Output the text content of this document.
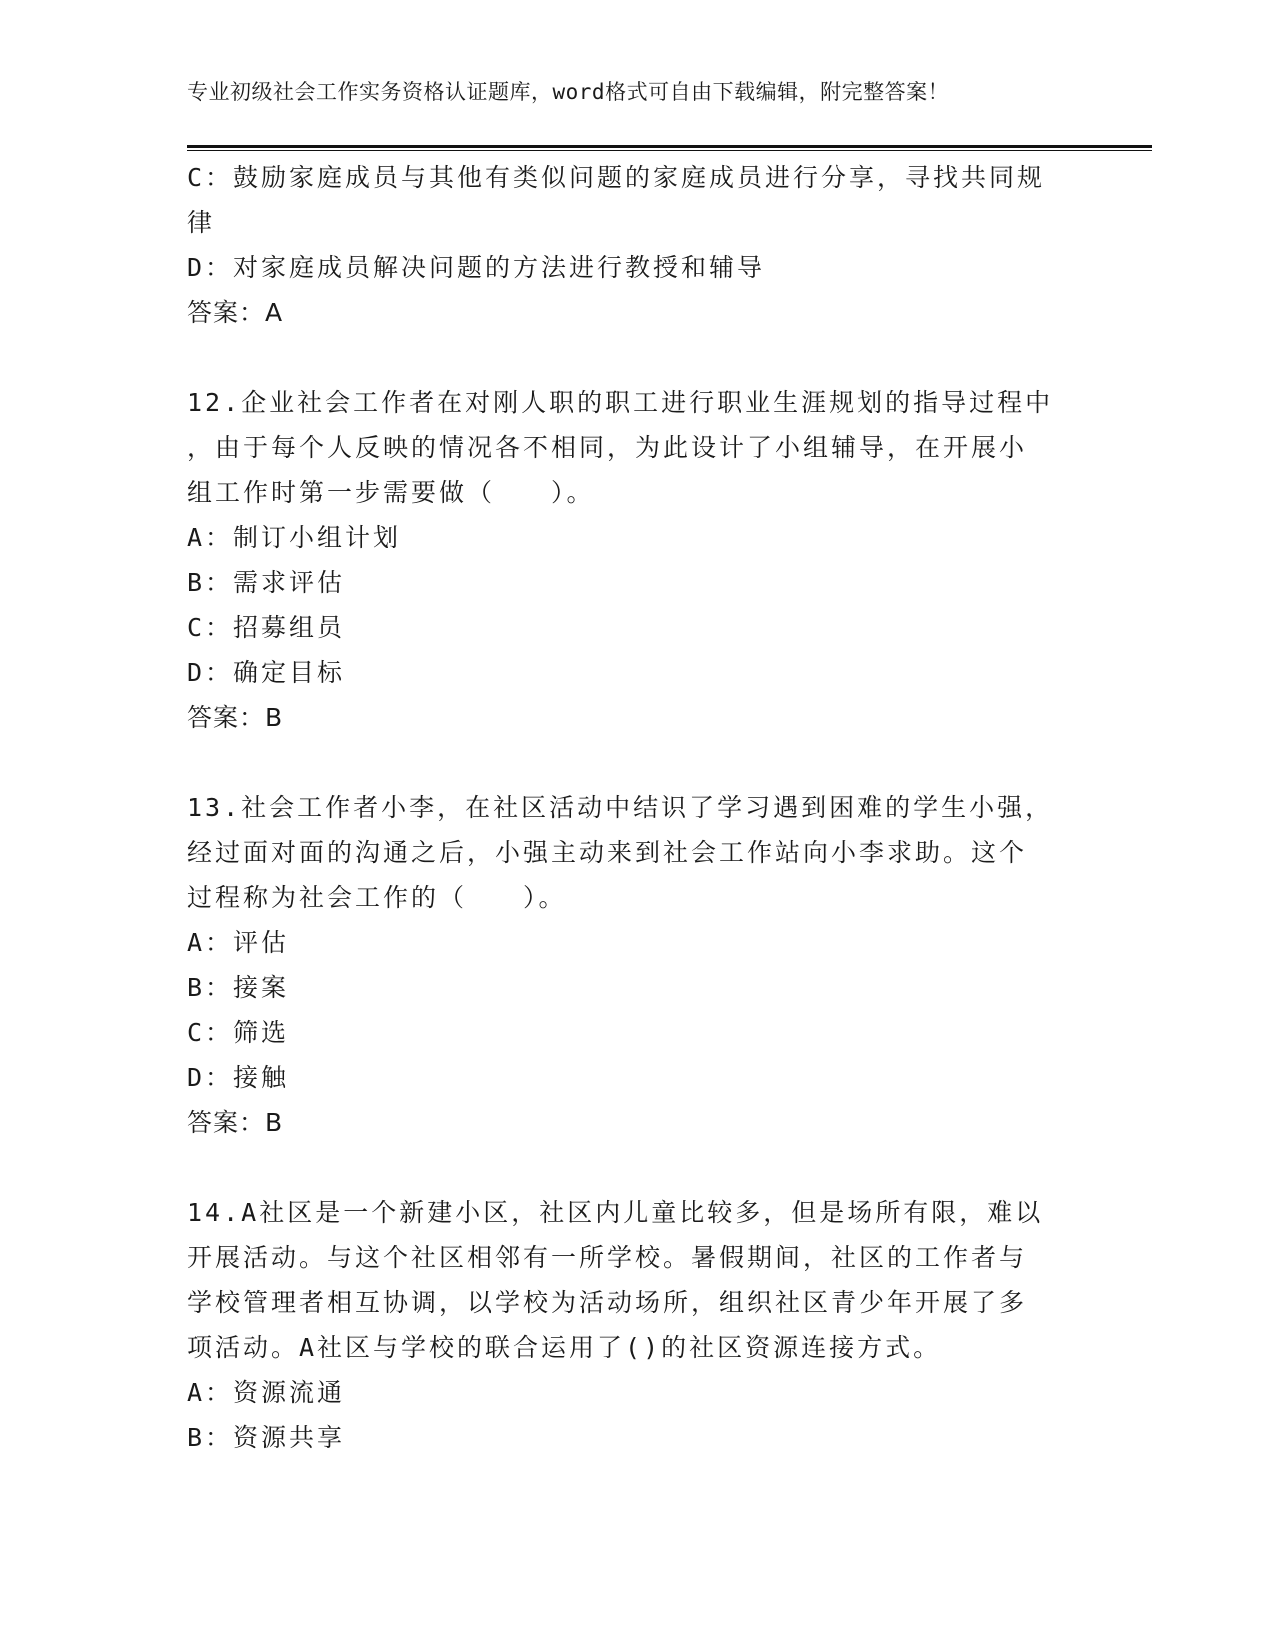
专业初级社会工作实务资格认证题库，word格式可自由下载编辑，附完整答案！
C：鼓励家庭成员与其他有类似问题的家庭成员进行分享，寻找共同规
律
D：对家庭成员解决问题的方法进行教授和辅导
答案：A
12.企业社会工作者在对刚人职的职工进行职业生涯规划的指导过程中
，由于每个人反映的情况各不相同，为此设计了小组辅导，在开展小
组工作时第一步需要做（　　）。
A：制订小组计划
B：需求评估
C：招募组员
D：确定目标
答案：B
13.社会工作者小李，在社区活动中结识了学习遇到困难的学生小强，
经过面对面的沟通之后，小强主动来到社会工作站向小李求助。这个
过程称为社会工作的（　　）。
A：评估
B：接案
C：筛选
D：接触
答案：B
14.A社区是一个新建小区，社区内儿童比较多，但是场所有限，难以
开展活动。与这个社区相邻有一所学校。暑假期间，社区的工作者与
学校管理者相互协调，以学校为活动场所，组织社区青少年开展了多
项活动。A社区与学校的联合运用了()的社区资源连接方式。
A：资源流通
B：资源共享
